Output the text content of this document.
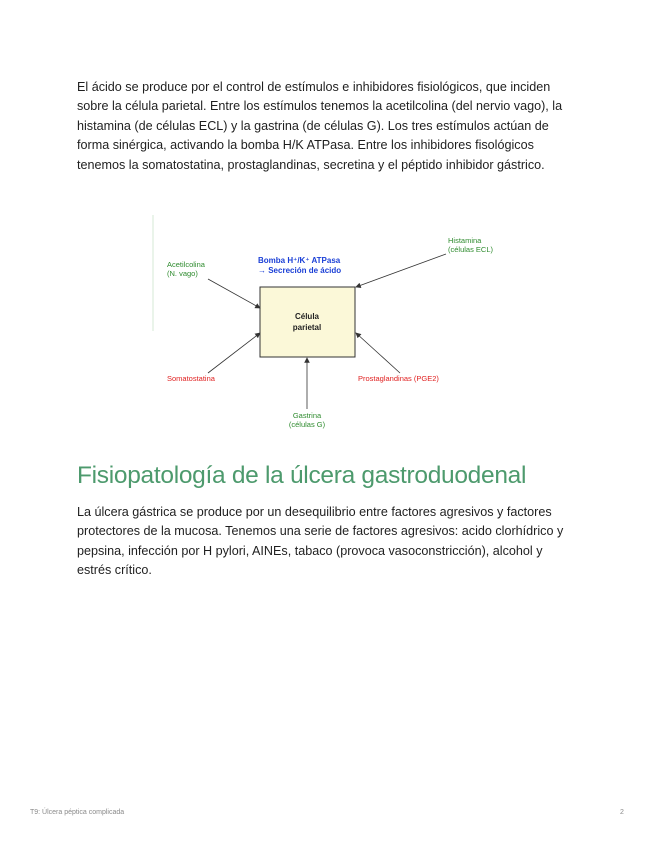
El ácido se produce por el control de estímulos e inhibidores fisiológicos, que inciden sobre la célula parietal. Entre los estímulos tenemos la acetilcolina (del nervio vago), la histamina (de células ECL) y la gastrina (de células G). Los tres estímulos actúan de forma sinérgica, activando la bomba H/K ATPasa. Entre los inhibidores fisológicos tenemos la somatostatina, prostaglandinas, secretina y el péptido inhibidor gástrico.

Célula
parietal
Bomba H⁺/K⁺ ATPasa
→ Secreción de ácido
Acetilcolina
(N. vago)
Histamina
(células ECL)
Somatostatina	Prostaglandinas (PGE2)
Gastrina
(células G)
Fisiopatología de la úlcera gastroduodenal

La úlcera gástrica se produce por un desequilibrio entre factores agresivos y factores protectores de la mucosa. Tenemos una serie de factores agresivos: acido clorhídrico y pepsina, infección por H pylori, AINEs, tabaco (provoca vasoconstricción), alcohol y estrés crítico.

T9: Úlcera péptica complicada	2
